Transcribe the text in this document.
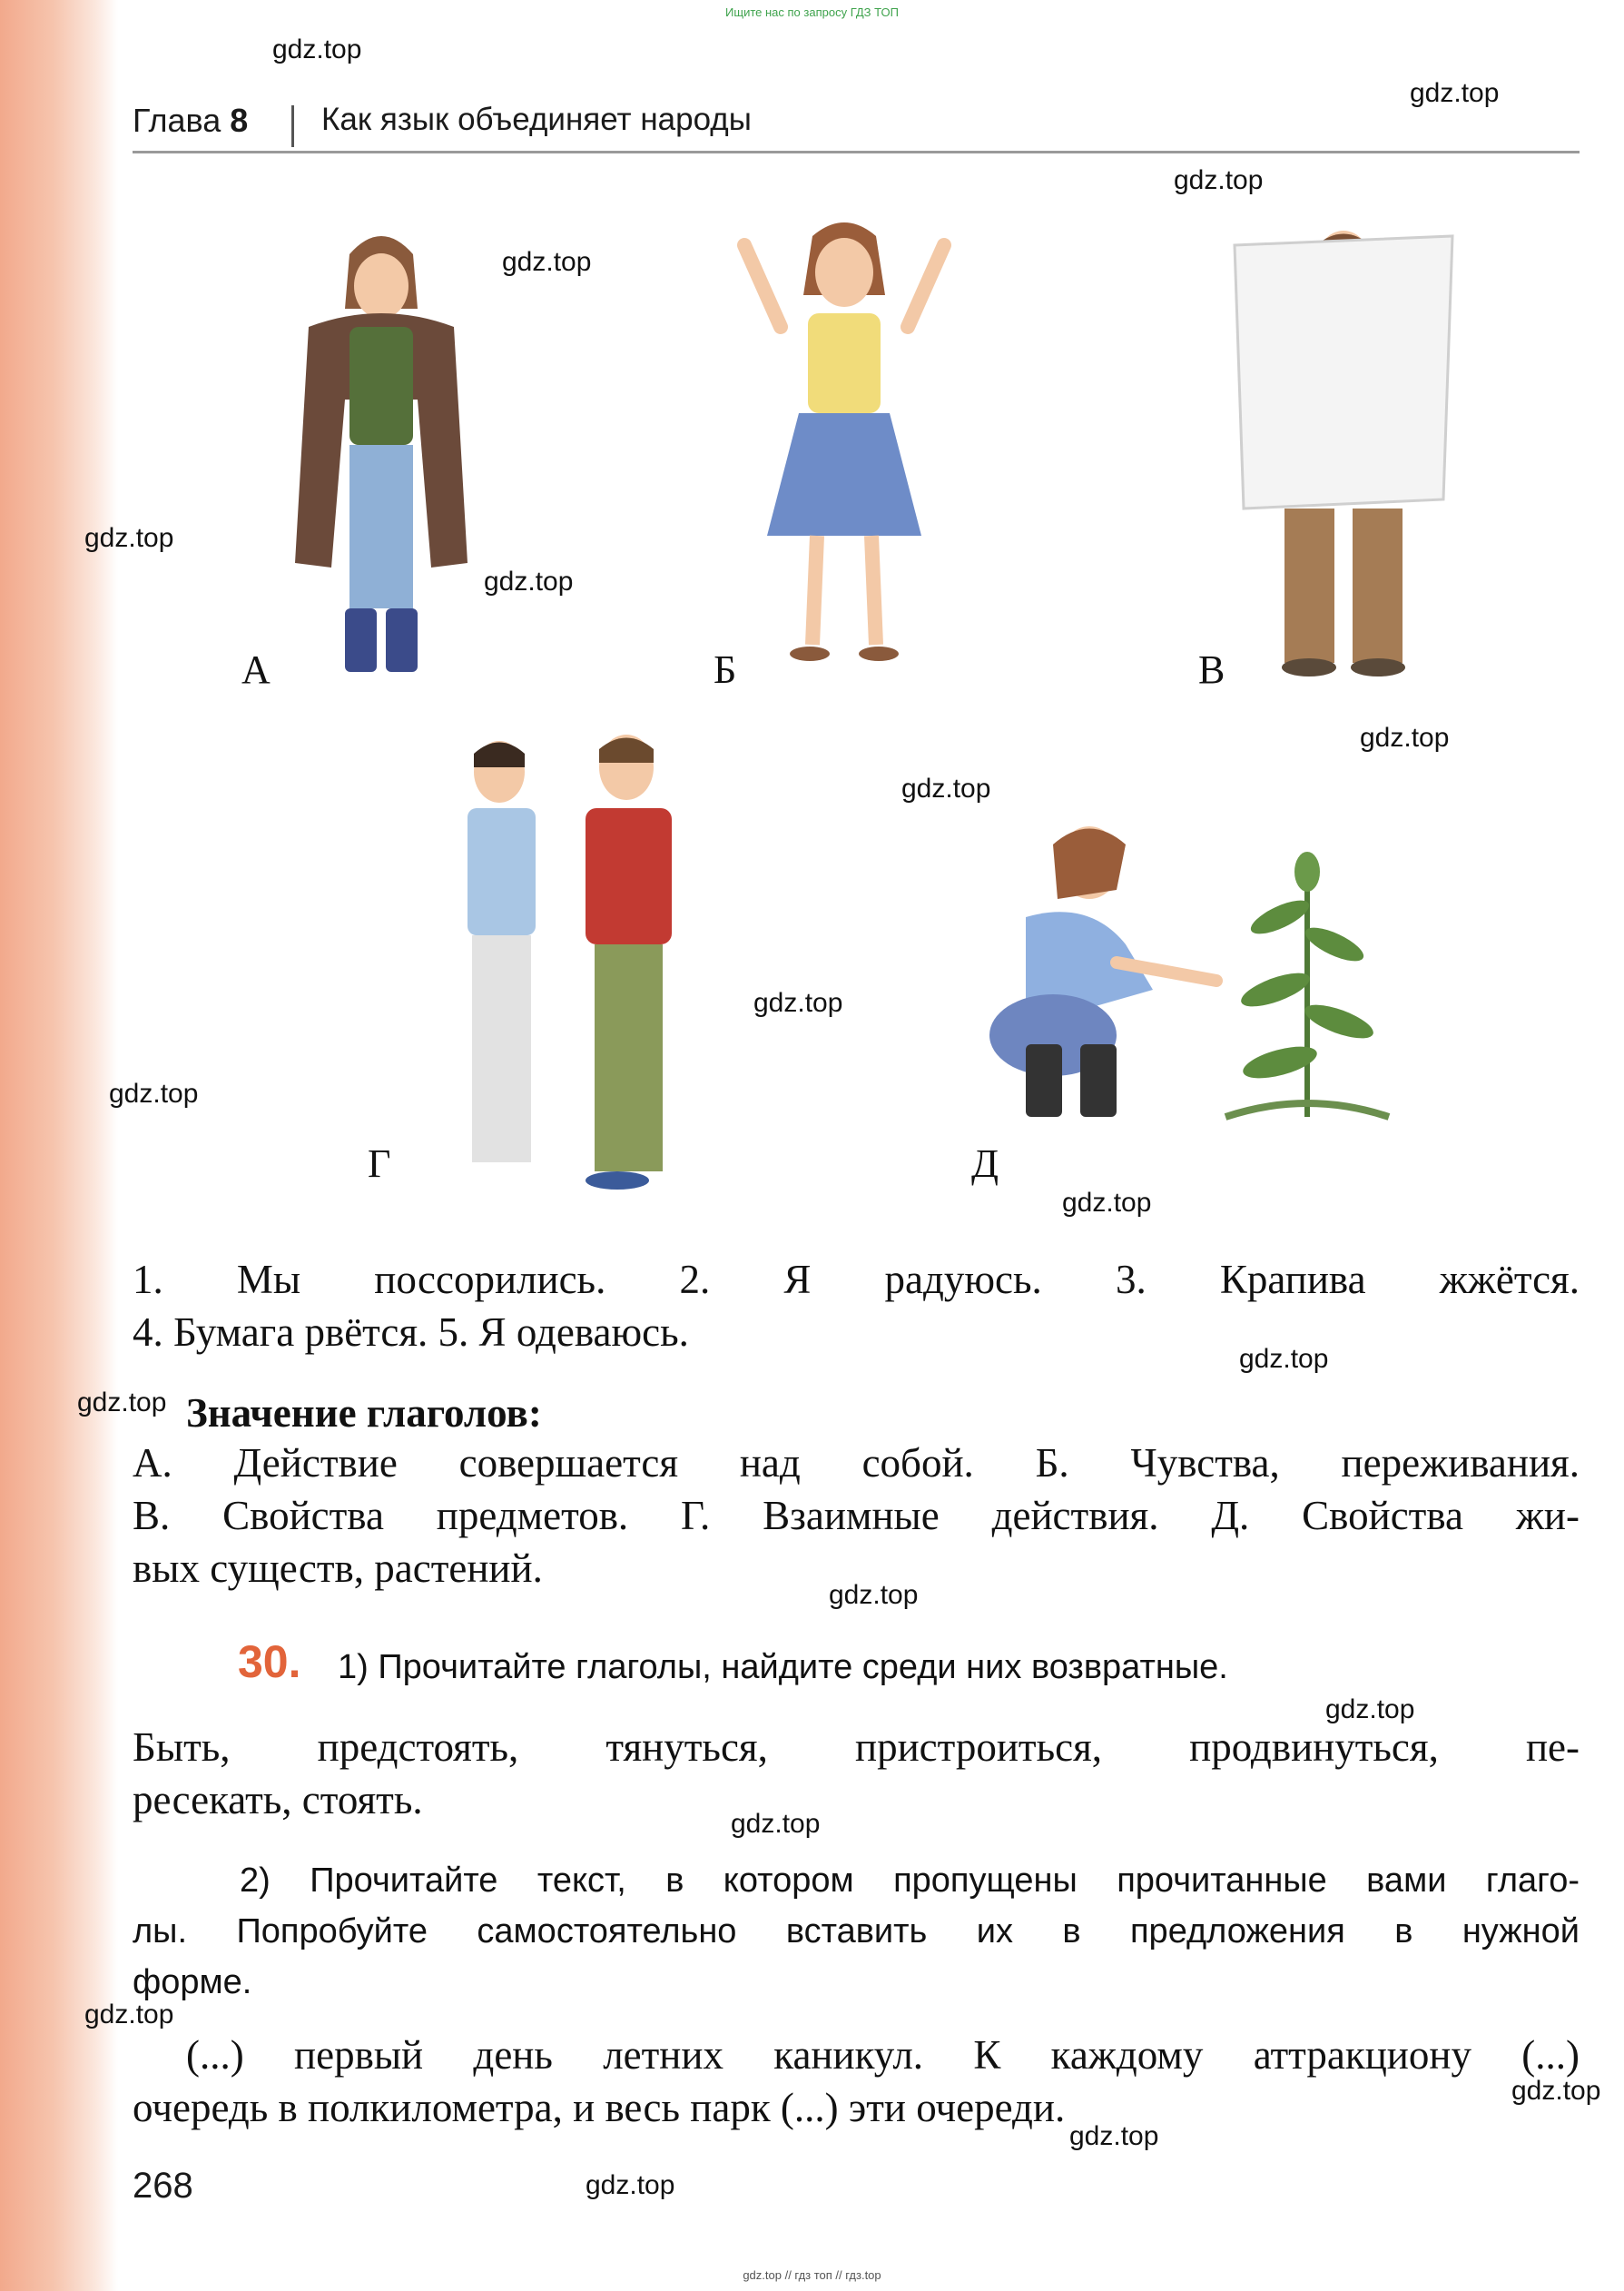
Ищите нас по запросу ГДЗ ТОП
gdz.top
gdz.top
gdz.top
gdz.top
gdz.top
gdz.top
gdz.top
gdz.top
gdz.top
gdz.top
gdz.top
gdz.top
gdz.top
gdz.top
gdz.top
gdz.top
gdz.top
gdz.top
gdz.top
gdz.top
Глава 8 Как язык объединяет народы
А	Б	В
Г	Д
1. Мы поссорились. 2. Я радуюсь. 3. Крапива жжётся.
4. Бумага рвётся. 5. Я одеваюсь.
Значение глаголов:
А. Действие совершается над собой. Б. Чувства, переживания.
В. Свойства предметов. Г. Взаимные действия. Д. Свойства жи-
вых существ, растений.
30. 1) Прочитайте глаголы, найдите среди них возвратные.
Быть, предстоять, тянуться, пристроиться, продвинуться, пе-
ресекать, стоять.
2) Прочитайте текст, в котором пропущены прочитанные вами глаго-
лы. Попробуйте самостоятельно вставить их в предложения в нужной
форме.
(...) первый день летних каникул. К каждому аттракциону (...)
очередь в полкилометра, и весь парк (...) эти очереди.
268
gdz.top // гдз топ // гдз.top
